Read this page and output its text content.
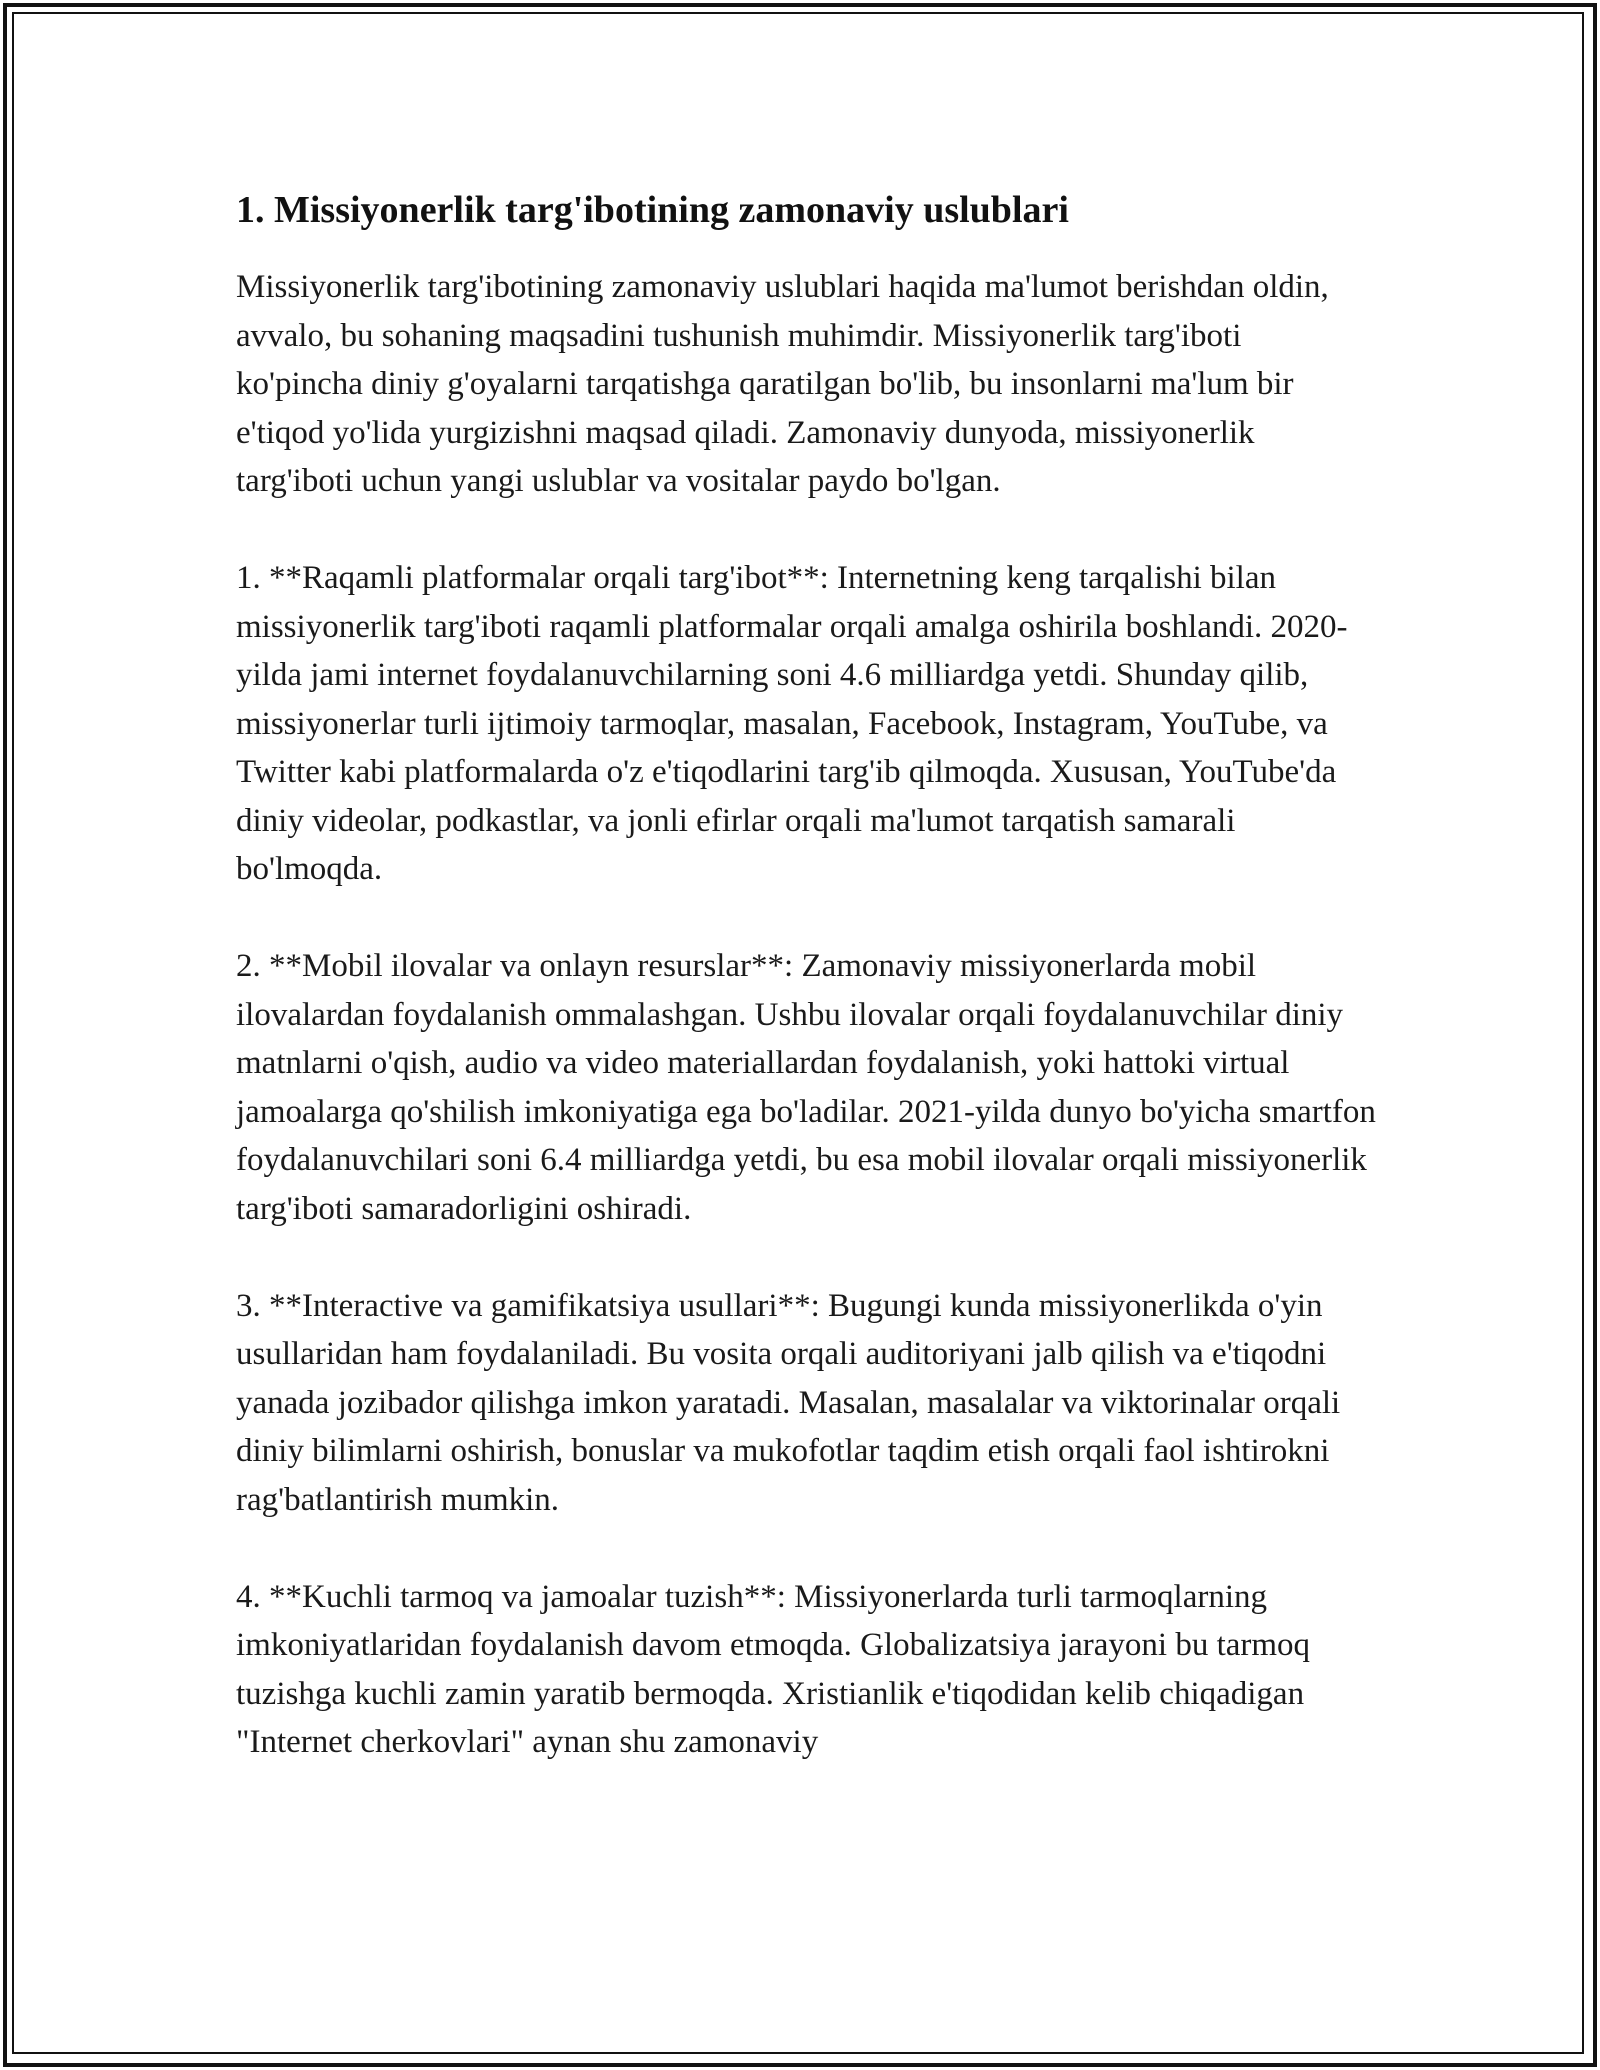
1. Missiyonerlik targ'ibotining zamonaviy uslublari

Missiyonerlik targ'ibotining zamonaviy uslublari haqida ma'lumot berishdan oldin, avvalo, bu sohaning maqsadini tushunish muhimdir. Missiyonerlik targ'iboti ko'pincha diniy g'oyalarni tarqatishga qaratilgan bo'lib, bu insonlarni ma'lum bir e'tiqod yo'lida yurgizishni maqsad qiladi. Zamonaviy dunyoda, missiyonerlik targ'iboti uchun yangi uslublar va vositalar paydo bo'lgan.

1. **Raqamli platformalar orqali targ'ibot**: Internetning keng tarqalishi bilan missiyonerlik targ'iboti raqamli platformalar orqali amalga oshirila boshlandi. 2020-yilda jami internet foydalanuvchilarning soni 4.6 milliardga yetdi. Shunday qilib, missiyonerlar turli ijtimoiy tarmoqlar, masalan, Facebook, Instagram, YouTube, va Twitter kabi platformalarda o'z e'tiqodlarini targ'ib qilmoqda. Xususan, YouTube'da diniy videolar, podkastlar, va jonli efirlar orqali ma'lumot tarqatish samarali bo'lmoqda.

2. **Mobil ilovalar va onlayn resurslar**: Zamonaviy missiyonerlarda mobil ilovalardan foydalanish ommalashgan. Ushbu ilovalar orqali foydalanuvchilar diniy matnlarni o'qish, audio va video materiallardan foydalanish, yoki hattoki virtual jamoalarga qo'shilish imkoniyatiga ega bo'ladilar. 2021-yilda dunyo bo'yicha smartfon foydalanuvchilari soni 6.4 milliardga yetdi, bu esa mobil ilovalar orqali missiyonerlik targ'iboti samaradorligini oshiradi.

3. **Interactive va gamifikatsiya usullari**: Bugungi kunda missiyonerlikda o'yin usullaridan ham foydalaniladi. Bu vosita orqali auditoriyani jalb qilish va e'tiqodni yanada jozibador qilishga imkon yaratadi. Masalan, masalalar va viktorinalar orqali diniy bilimlarni oshirish, bonuslar va mukofotlar taqdim etish orqali faol ishtirokni rag'batlantirish mumkin.

4. **Kuchli tarmoq va jamoalar tuzish**: Missiyonerlarda turli tarmoqlarning imkoniyatlaridan foydalanish davom etmoqda. Globalizatsiya jarayoni bu tarmoq tuzishga kuchli zamin yaratib bermoqda. Xristianlik e'tiqodidan kelib chiqadigan "Internet cherkovlari" aynan shu zamonaviy
